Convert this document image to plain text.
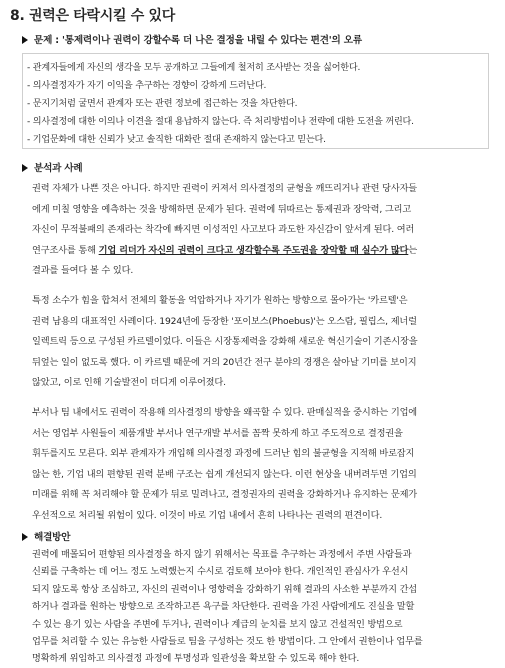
8. 권력은 타락시킬 수 있다
문제 : '통제력이나 권력이 강할수록 더 나은 결정을 내릴 수 있다는 편견'의 오류
- 관계자들에게 자신의 생각을 모두 공개하고 그들에게 철저히 조사받는 것을 싫어한다.
- 의사결정자가 자기 이익을 추구하는 경향이 강하게 드러난다.
- 문지기처럼 굴면서 관계자 또는 관련 정보에 접근하는 것을 차단한다.
- 의사결정에 대한 이의나 이견을 절대 용납하지 않는다. 즉 처리방법이나 전략에 대한 도전을 꺼린다.
- 기업문화에 대한 신뢰가 낮고 솔직한 대화란 절대 존재하지 않는다고 믿는다.
분석과 사례
권력 자체가 나쁜 것은 아니다. 하지만 권력이 커져서 의사결정의 균형을 깨뜨리거나 관련 당사자들
에게 미칠 영향을 예측하는 것을 방해하면 문제가 된다. 권력에 뒤따르는 통제권과 장악력, 그리고
자신이 무적불패의 존재라는 착각에 빠지면 이성적인 사고보다 과도한 자신감이 앞서게 된다. 여러
연구조사를 통해 기업 리더가 자신의 권력이 크다고 생각할수록 주도권을 장악할 때 실수가 많다는
결과를 들여다 볼 수 있다.
특정 소수가 힘을 합쳐서 전체의 활동을 억압하거나 자기가 원하는 방향으로 몰아가는 '카르텔'은
권력 남용의 대표적인 사례이다. 1924년에 등장한 '포이보스(Phoebus)'는 오스람, 필립스, 제너럴
일렉트릭 등으로 구성된 카르텔이었다. 이들은 시장통제력을 강화해 새로운 혁신기술이 기존시장을
뒤엎는 일이 없도록 했다. 이 카르텔 때문에 거의 20년간 전구 분야의 경쟁은 살아날 기미를 보이지
않았고, 이로 인해 기술발전이 더디게 이루어졌다.
부서나 팀 내에서도 권력이 작용해 의사결정의 방향을 왜곡할 수 있다. 판매실적을 중시하는 기업에
서는 영업부 사원들이 제품개발 부서나 연구개발 부서를 꼼짝 못하게 하고 주도적으로 결정권을
휘두를지도 모른다. 외부 관계자가 개입해 의사결정 과정에 드러난 힘의 불균형을 지적해 바로잡지
않는 한, 기업 내의 편향된 권력 분배 구조는 쉽게 개선되지 않는다. 이런 현상을 내버려두면 기업의
미래를 위해 꼭 처리해야 할 문제가 뒤로 밀려나고, 결정권자의 권력을 강화하거나 유지하는 문제가
우선적으로 처리될 위험이 있다. 이것이 바로 기업 내에서 흔히 나타나는 권력의 편견이다.
해결방안
권력에 매몰되어 편향된 의사결정을 하지 않기 위해서는 목표를 추구하는 과정에서 주변 사람들과
신뢰를 구축하는 데 어느 정도 노력했는지 수시로 검토해 보아야 한다. 개인적인 관심사가 우선시
되지 않도록 항상 조심하고, 자신의 권력이나 영향력을 강화하기 위해 결과의 사소한 부분까지 간섭
하거나 결과를 원하는 방향으로 조작하고픈 욕구를 차단한다. 권력을 가진 사람에게도 진실을 말할
수 있는 용기 있는 사람을 주변에 두거나, 권력이나 계급의 눈치를 보지 않고 건설적인 방법으로
업무를 처리할 수 있는 유능한 사람들로 팀을 구성하는 것도 한 방법이다. 그 안에서 권한이나 업무를
명확하게 위임하고 의사결정 과정에 투명성과 일관성을 확보할 수 있도록 해야 한다.
